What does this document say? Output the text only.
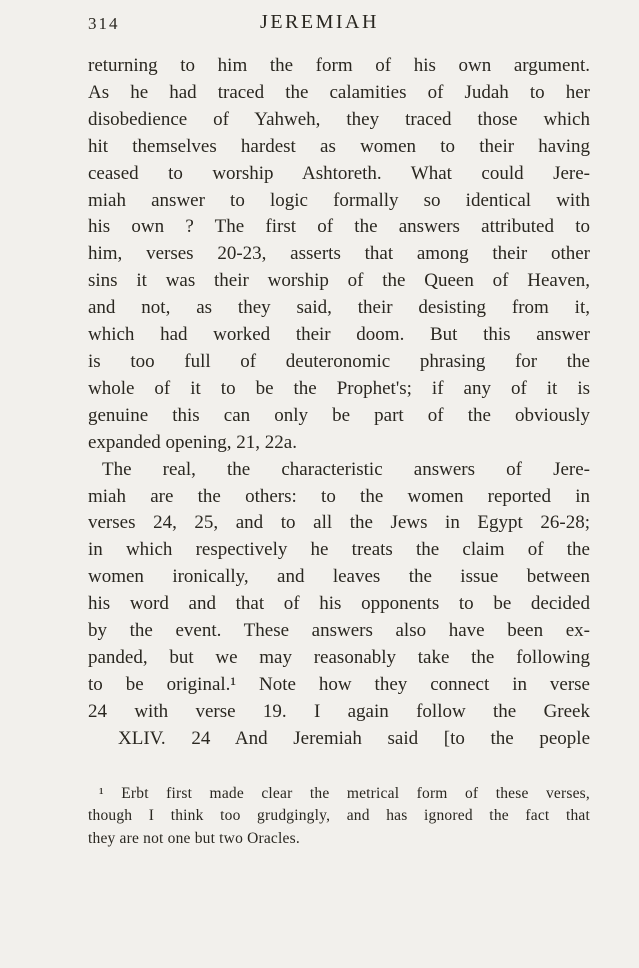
314	JEREMIAH
returning to him the form of his own argument.
As he had traced the calamities of Judah to her
disobedience of Yahweh, they traced those which
hit themselves hardest as women to their having
ceased to worship Ashtoreth. What could Jere-
miah answer to logic formally so identical with
his own ? The first of the answers attributed to
him, verses 20-23, asserts that among their other
sins it was their worship of the Queen of Heaven,
and not, as they said, their desisting from it,
which had worked their doom. But this answer
is too full of deuteronomic phrasing for the
whole of it to be the Prophet's; if any of it is
genuine this can only be part of the obviously
expanded opening, 21, 22a.
The real, the characteristic answers of Jere-
miah are the others: to the women reported in
verses 24, 25, and to all the Jews in Egypt 26-28;
in which respectively he treats the claim of the
women ironically, and leaves the issue between
his word and that of his opponents to be decided
by the event. These answers also have been ex-
panded, but we may reasonably take the following
to be original.¹ Note how they connect in verse
24 with verse 19. I again follow the Greek
XLIV. 24 And Jeremiah said [to the people
¹ Erbt first made clear the metrical form of these verses,
though I think too grudgingly, and has ignored the fact that
they are not one but two Oracles.
